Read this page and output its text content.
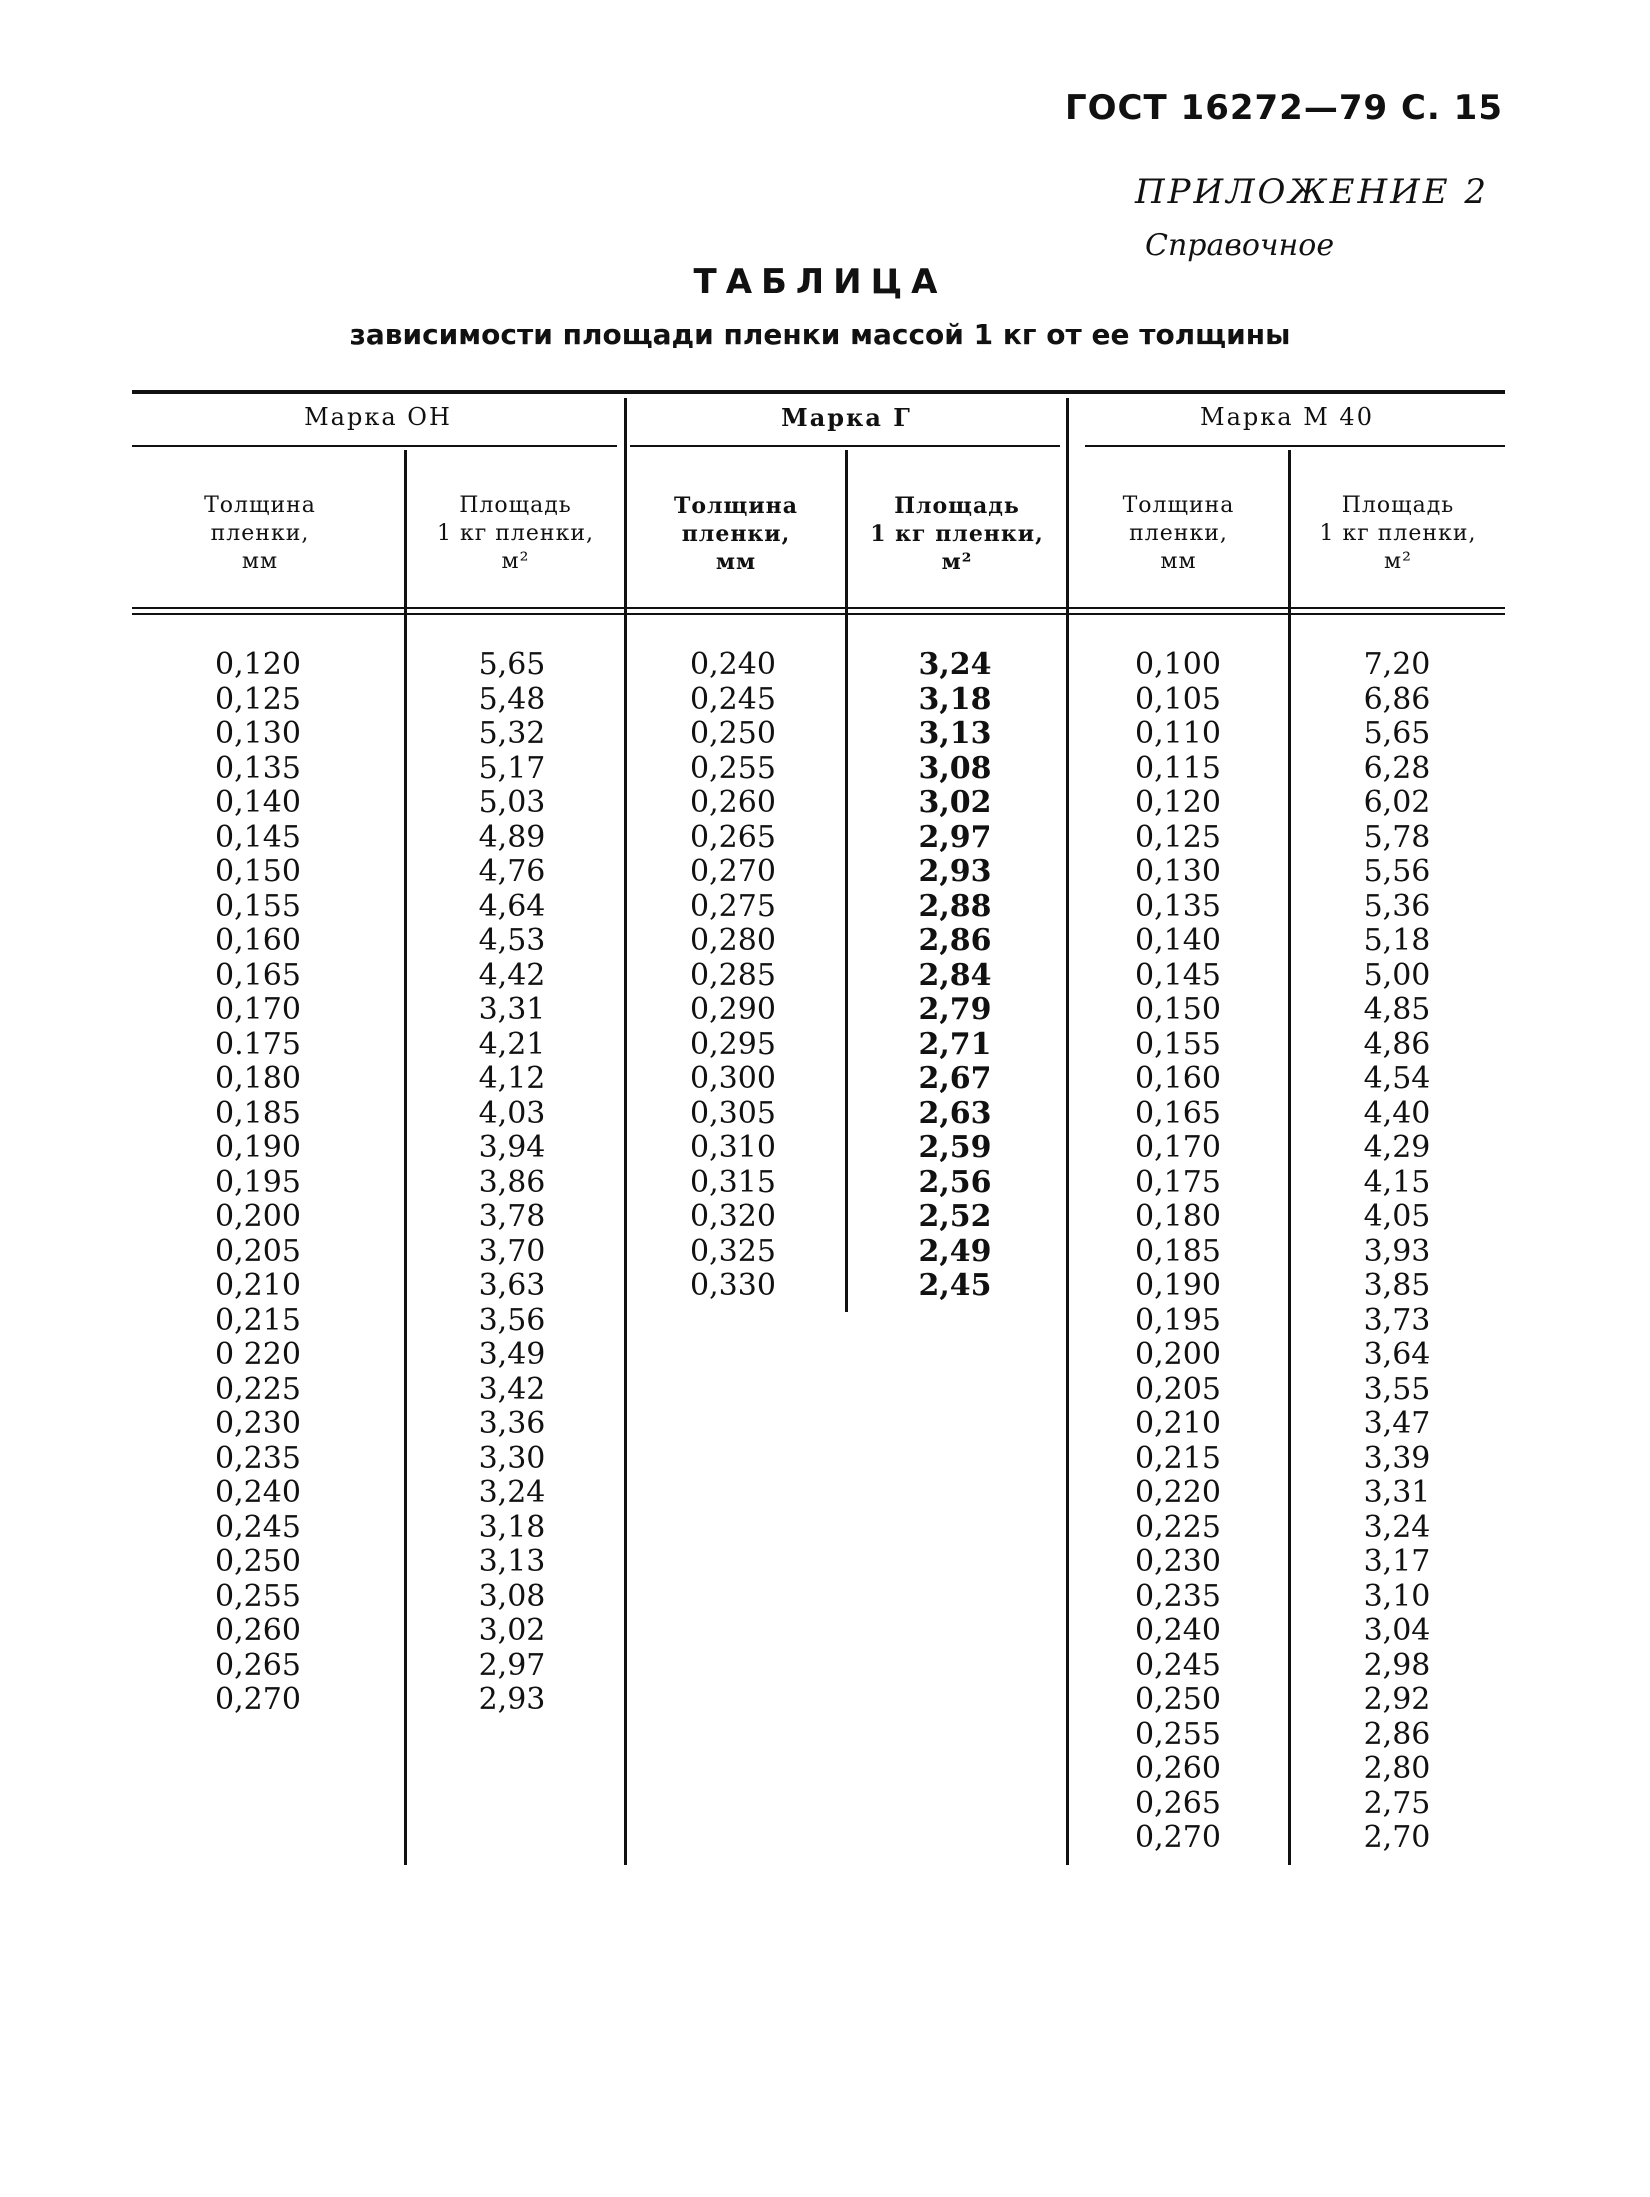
ГОСТ 16272—79 С. 15
ПРИЛОЖЕНИЕ 2
Справочное
ТАБЛИЦА
зависимости площади пленки массой 1 кг от ее толщины
Марка ОН	Марка Г	Марка М 40
Толщина
пленки,
мм
Площадь
1 кг пленки,
м²
Толщина
пленки,
мм
Площадь
1 кг пленки,
м²
Толщина
пленки,
мм
Площадь
1 кг пленки,
м²
0,120
0,125
0,130
0,135
0,140
0,145
0,150
0,155
0,160
0,165
0,170
0.175
0,180
0,185
0,190
0,195
0,200
0,205
0,210
0,215
0 220
0,225
0,230
0,235
0,240
0,245
0,250
0,255
0,260
0,265
0,270
5,65
5,48
5,32
5,17
5,03
4,89
4,76
4,64
4,53
4,42
3,31
4,21
4,12
4,03
3,94
3,86
3,78
3,70
3,63
3,56
3,49
3,42
3,36
3,30
3,24
3,18
3,13
3,08
3,02
2,97
2,93
0,240
0,245
0,250
0,255
0,260
0,265
0,270
0,275
0,280
0,285
0,290
0,295
0,300
0,305
0,310
0,315
0,320
0,325
0,330
3,24
3,18
3,13
3,08
3,02
2,97
2,93
2,88
2,86
2,84
2,79
2,71
2,67
2,63
2,59
2,56
2,52
2,49
2,45
0,100
0,105
0,110
0,115
0,120
0,125
0,130
0,135
0,140
0,145
0,150
0,155
0,160
0,165
0,170
0,175
0,180
0,185
0,190
0,195
0,200
0,205
0,210
0,215
0,220
0,225
0,230
0,235
0,240
0,245
0,250
0,255
0,260
0,265
0,270
7,20
6,86
5,65
6,28
6,02
5,78
5,56
5,36
5,18
5,00
4,85
4,86
4,54
4,40
4,29
4,15
4,05
3,93
3,85
3,73
3,64
3,55
3,47
3,39
3,31
3,24
3,17
3,10
3,04
2,98
2,92
2,86
2,80
2,75
2,70
